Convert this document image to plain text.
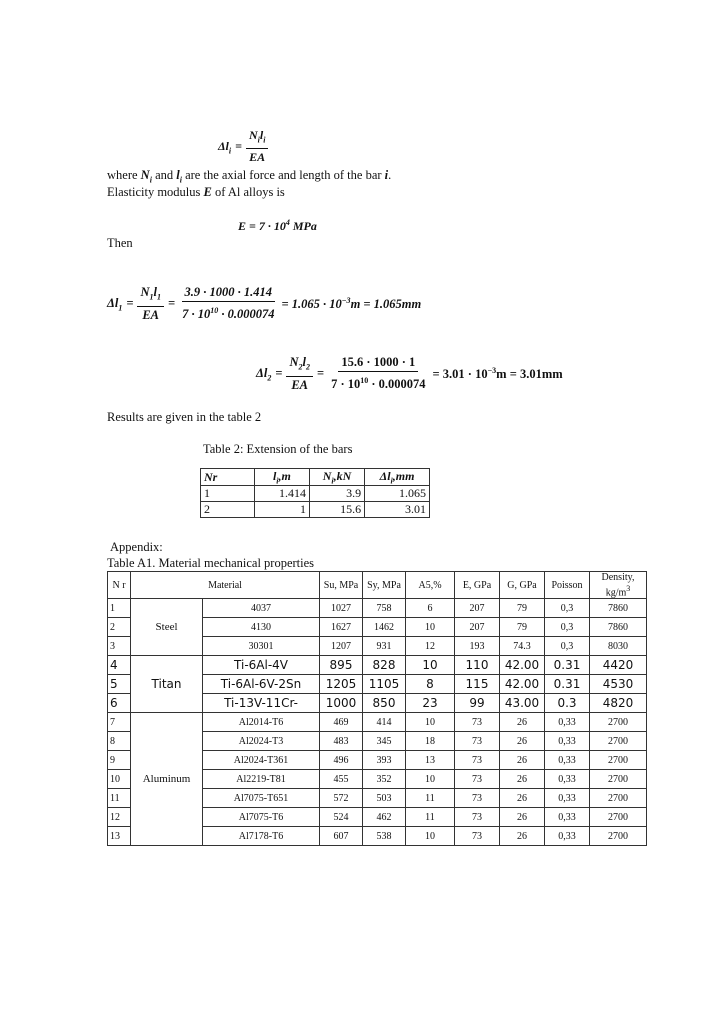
$\Delta l_i = \frac{N_il_i}{EA}$
where $N_i$ and $l_i$ are the axial force and length of the bar i.
Elasticity modulus E of Al alloys is
$E = 7 \cdot 10^4$ MPa
Then
$\Delta l_1 = \frac{N_1l_1}{EA} = \frac{3.9 \cdot 1000 \cdot 1.414}{7 \cdot 10^{10} \cdot 0.000074} = 1.065 \cdot 10^{-3}m = 1.065mm$
$\Delta l_2 = \frac{N_2l_2}{EA} = \frac{15.6 \cdot 1000 \cdot 1}{7 \cdot 10^{10} \cdot 0.000074} = 3.01 \cdot 10^{-3}m = 3.01mm$
Results are given in the table 2
Table 2: Extension of the bars
Nr	$l_i,m$	$N_i,kN$	$\Delta l_i,mm$
1	1.414	3.9	1.065
2	1	15.6	3.01
Appendix:
Table A1. Material mechanical properties
N r	Material		Su, MPa	Sy, MPa	A5,%	E, GPa	G, GPa	Poisson	Density,
$kg/m^3$
1	Steel	4037	1027	758	6	207	79	0,3	7860
2		4130	1627	1462	10	207	79	0,3	7860
3		30301	1207	931	12	193	74.3	0,3	8030
4	Titan	Ti-6Al-4V	895	828	10	110	42.00	0.31	4420
5		Ti-6Al-6V-2Sn	1205	1105	8	115	42.00	0.31	4530
6		Ti-13V-11Cr-	1000	850	23	99	43.00	0.3	4820
7	Aluminum	Al2014-T6	469	414	10	73	26	0,33	2700
8		Al2024-T3	483	345	18	73	26	0,33	2700
9		Al2024-T361	496	393	13	73	26	0,33	2700
10		Al2219-T81	455	352	10	73	26	0,33	2700
11		Al7075-T651	572	503	11	73	26	0,33	2700
12		Al7075-T6	524	462	11	73	26	0,33	2700
13		Al7178-T6	607	538	10	73	26	0,33	2700
